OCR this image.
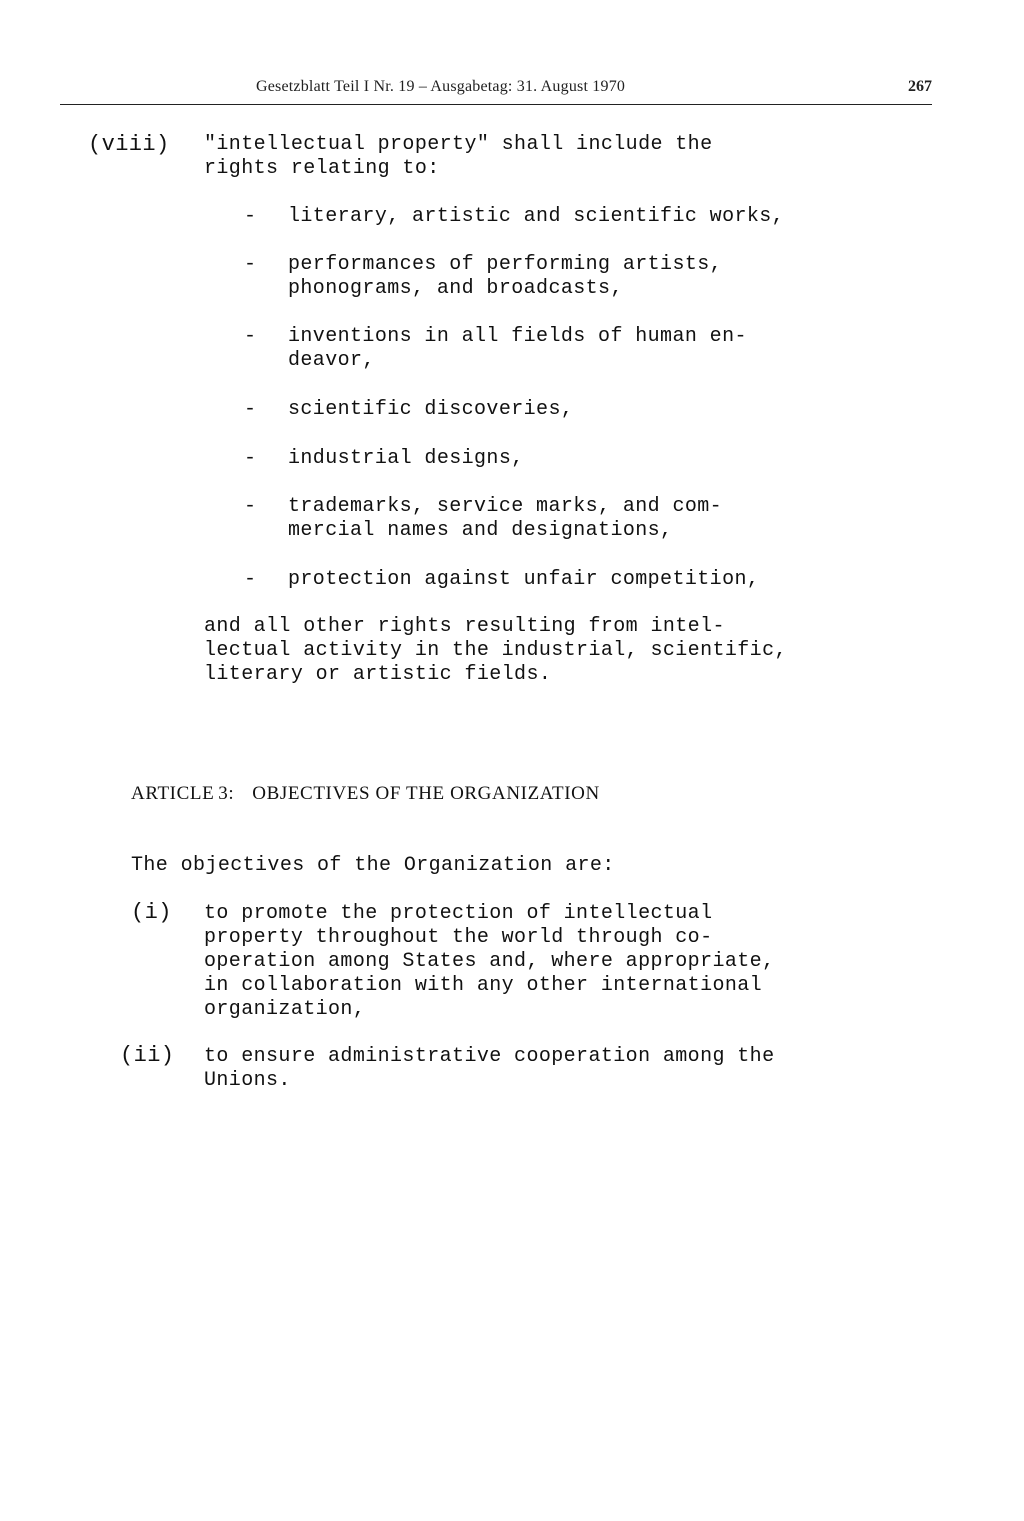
Gesetzblatt Teil I Nr. 19 – Ausgabetag: 31. August 1970	267
(viii) "intellectual property" shall include the
rights relating to:
- literary, artistic and scientific works,
- performances of performing artists,
phonograms, and broadcasts,
- inventions in all fields of human en-
deavor,
- scientific discoveries,
- industrial designs,
- trademarks, service marks, and com-
mercial names and designations,
- protection against unfair competition,
and all other rights resulting from intel-
lectual activity in the industrial, scientific,
literary or artistic fields.
ARTICLE 3: OBJECTIVES OF THE ORGANIZATION
The objectives of the Organization are:
(i) to promote the protection of intellectual
property throughout the world through co-
operation among States and, where appropriate,
in collaboration with any other international
organization,
(ii) to ensure administrative cooperation among the
Unions.
